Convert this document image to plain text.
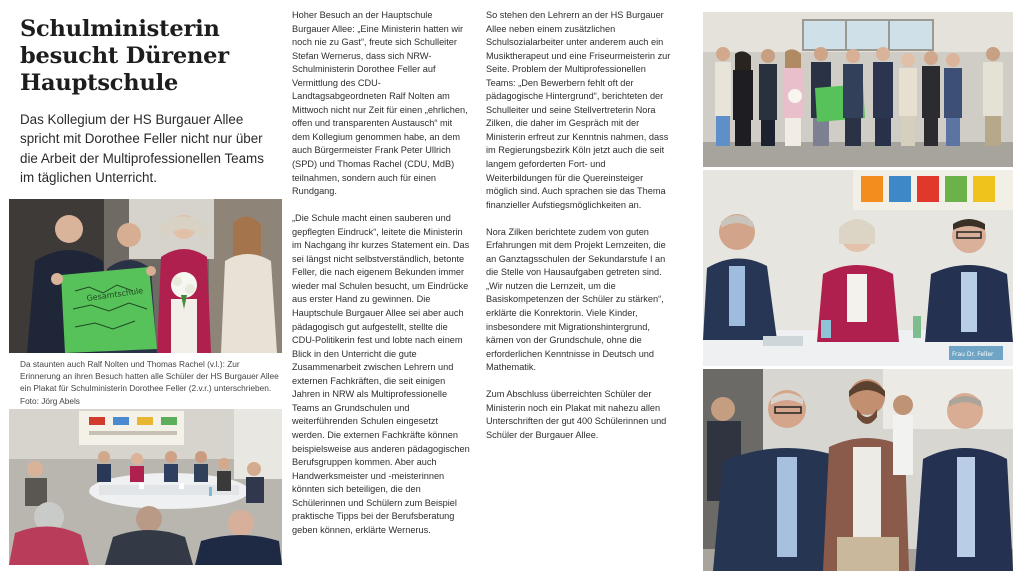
Schulministerin besucht Dürener Hauptschule

Das Kollegium der HS Burgauer Allee spricht mit Dorothee Feller nicht nur über die Arbeit der Multiprofessionellen Teams im täglichen Unterricht.

Gesamtschule

Da staunten auch Ralf Nolten und Thomas Rachel (v.l.): Zur Erinnerung an ihren Besuch hatten alle Schüler der HS Burgauer Allee ein Plakat für Schulministerin Dorothee Feller (2.v.r.) unterschrieben. Foto: Jörg Abels

Hoher Besuch an der Hauptschule Burgauer Allee: „Eine Ministerin hatten wir noch nie zu Gast“, freute sich Schulleiter Stefan Wernerus, dass sich NRW-Schulministerin Dorothee Feller auf Vermittlung des CDU-Landtagsabgeordneten Ralf Nolten am Mittwoch nicht nur Zeit für einen „ehrlichen, offen und transparenten Austausch“ mit dem Kollegium genommen habe, an dem auch Bürgermeister Frank Peter Ullrich (SPD) und Thomas Rachel (CDU, MdB) teilnahmen, sondern auch für einen Rundgang.

„Die Schule macht einen sauberen und gepflegten Eindruck“, leitete die Ministerin im Nachgang ihr kurzes Statement ein. Das sei längst nicht selbstverständlich, betonte Feller, die nach eigenem Bekunden immer wieder mal Schulen besucht, um Eindrücke aus erster Hand zu gewinnen. Die Hauptschule Burgauer Allee sei aber auch pädagogisch gut aufgestellt, stellte die CDU-Politikerin fest und lobte nach einem Blick in den Unterricht die gute Zusammenarbeit zwischen Lehrern und externen Fachkräften, die seit einigen Jahren in NRW als Multiprofessionelle Teams an Grundschulen und weiterführenden Schulen eingesetzt werden. Die externen Fachkräfte können beispielsweise aus anderen pädagogischen Berufsgruppen kommen. Aber auch Handwerksmeister und -meisterinnen könnten sich beteiligen, die den Schülerinnen und Schülern zum Beispiel praktische Tipps bei der Berufsberatung geben können, erklärte Wernerus.

So stehen den Lehrern an der HS Burgauer Allee neben einem zusätzlichen Schulsozialarbeiter unter anderem auch ein Musiktherapeut und eine Friseurmeisterin zur Seite. Problem der Multiprofessionellen Teams: „Den Bewerbern fehlt oft der pädagogische Hintergrund“, berichteten der Schulleiter und seine Stellvertreterin Nora Zilken, die daher im Gespräch mit der Ministerin erfreut zur Kenntnis nahmen, dass im Regierungsbezirk Köln jetzt auch die seit langem geforderten Fort- und Weiterbildungen für die Quereinsteiger möglich sind. Auch sprachen sie das Thema finanzieller Aufstiegsmöglichkeiten an.

Nora Zilken berichtete zudem von guten Erfahrungen mit dem Projekt Lernzeiten, die an Ganztagsschulen der Sekundarstufe I an die Stelle von Hausaufgaben getreten sind. „Wir nutzen die Lernzeit, um die Basiskompetenzen der Schüler zu stärken“, erklärte die Konrektorin. Viele Kinder, insbesondere mit Migrationshintergrund, kämen von der Grundschule, ohne die erforderlichen Kenntnisse in Deutsch und Mathematik.

Zum Abschluss überreichten Schüler der Ministerin noch ein Plakat mit nahezu allen Unterschriften der gut 400 Schülerinnen und Schüler der Burgauer Allee.

Frau Dr. Feller
